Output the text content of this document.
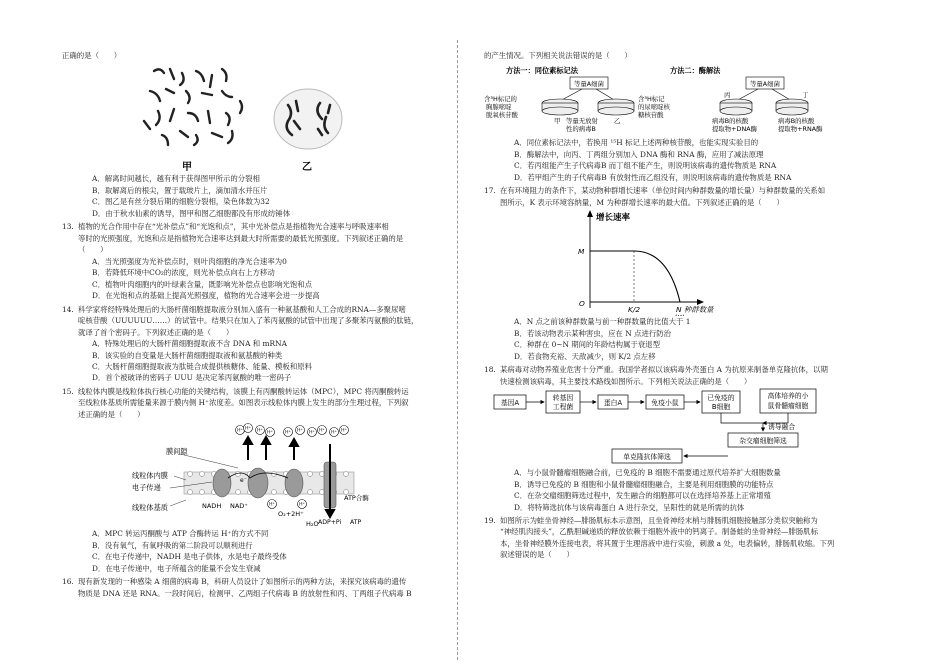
正确的是（　　）

甲	乙

A．解离时间越长，越有利于获得图甲所示的分裂相

B．取解离后的根尖，置于载玻片上，滴加清水并压片

C．图乙是有丝分裂后期的细胞分裂相，染色体数为32

D．由于秋水仙素的诱导，图甲和图乙细胞都没有形成纺锤体

13. 植物的光合作用中存在“光补偿点”和“光饱和点”，其中光补偿点是指植物光合速率与呼吸速率相

等时的光照强度，光饱和点是指植物光合速率达到最大时所需要的最低光照强度。下列叙述正确的是

（　　）

A．当光照强度为光补偿点时，则叶肉细胞的净光合速率为0

B．若降低环境中CO₂的浓度，则光补偿点向右上方移动

C．植物叶肉细胞内的叶绿素含量，既影响光补偿点也影响光饱和点

D．在光饱和点的基础上提高光照强度，植物的光合速率会进一步提高

14. 科学家将经特殊处理后的大肠杆菌细胞提取液分别加入盛有一种氨基酸和人工合成的RNA—多聚尿嘧

啶核苷酸（UUUUUU……）的试管中。结果只在加入了苯丙氨酸的试管中出现了多聚苯丙氨酸的肽链，

就译了首个密码子。下列叙述正确的是（　　）

A．特殊处理后的大肠杆菌细胞提取液不含 DNA 和 mRNA

B．该实验的自变量是大肠杆菌细胞提取液和氨基酸的种类

C．大肠杆菌细胞提取液为肽链合成提供核糖体、能量、模板和原料

D．首个被破译的密码子 UUU 是决定苯丙氨酸的唯一密码子

15. 线粒体内膜是线粒体执行核心功能的关键结构，该膜上有丙酮酸转运体（MPC），MPC 将丙酮酸转运

至线粒体基质所需能量来源于膜内侧 H⁺浓度差。如图表示线粒体内膜上发生的部分生理过程，下列叙

述正确的是（　　）

H⁺ H⁺ H⁺ H⁺	H⁺ H⁺ H⁺ H⁺ H⁺ H⁺
H⁺	H⁺
膜间隙
线粒体内膜
电子传递
线粒体基质
e⁻
NADH NAD⁺
O₂+2H⁺
H₂O
ATP合酶
ADP+Pi ATP

A．MPC 转运丙酮酸与 ATP 合酶转运 H⁺的方式不同

B．没有氧气，有氧呼吸的第二阶段可以顺利进行

C．在电子传递中，NADH 是电子供体，水是电子最终受体

D．在电子传递中，电子所蕴含的能量不会发生衰减

16. 现有新发现的一种感染 A 细菌的病毒 B，科研人员设计了如图所示的两种方法，来探究该病毒的遗传

物质是 DNA 还是 RNA。一段时间后，检测甲、乙两组子代病毒 B 的放射性和丙、丁两组子代病毒 B

的产生情况。下列相关说法错误的是（　　）

方法一：同位素标记法	方法二：酶解法
等量A细菌
甲	乙
含³H标记的
胸腺嘧啶
脱氧核苷酸
等量无放射
性的病毒B
含³H标记
的尿嘧啶核
糖核苷酸
等量A细菌
丙	丁
病毒B的核酸
提取物+DNA酶
病毒B的核酸
提取物+RNA酶

A．同位素标记法中，若换用 ¹⁵H 标记上述两种核苷酸，也能实现实验目的

B．酶解法中，向丙、丁两组分别加入 DNA 酶和 RNA 酶，应用了减法原理

C．若丙组能产生子代病毒B 而丁组不能产生，则说明该病毒的遗传物质是 RNA

D．若甲组产生的子代病毒B 有放射性而乙组没有，则说明该病毒的遗传物质是 RNA

17. 在有环境阻力的条件下，某动物种群增长速率（单位时间内种群数量的增长量）与种群数量的关系如

图所示，K 表示环境容纳量，M 为种群增长速率的最大值。下列叙述正确的是（　　）

增长速率
M
O
K/2	N 种群数量

A．N 点之前该种群数量与前一种群数量的比值大于 1

B．若该动物表示某种害虫，应在 N 点进行防治

C．种群在 0~N 期间的年龄结构属于衰退型

D．若食物充裕、天敌减少，则 K/2 点左移

18. 某病毒对动物养殖业危害十分严重。我国学者拟以该病毒外壳蛋白 A 为抗原来制备单克隆抗体，以期

快速检测该病毒，其主要技术路线如图所示。下列相关说法正确的是（　　）

基因A
转基因
工程菌	蛋白A	免疫小鼠
已免疫的
B细胞
高体培养的小
鼠骨髓瘤细胞
诱导融合
杂交瘤细胞筛选
单克隆抗体筛选

A．与小鼠骨髓瘤细胞融合前，已免疫的 B 细胞不需要通过原代培养扩大细胞数量

B．诱导已免疫的 B 细胞和小鼠骨髓瘤细胞融合，主要是利用细胞膜的功能特点

C．在杂交瘤细胞筛选过程中，发生融合的细胞都可以在选择培养基上正常增殖

D．将特筛选抗体与该病毒蛋白 A 进行杂交，呈阳性的就是所需的抗体

19. 如图所示为蛙坐骨神经—腓肠肌标本示意图，且坐骨神经末梢与腓肠肌细胞接触部分类似突触称为

“神经肌肉接头”，乙酰胆碱递质的释放依赖于细胞外液中的钙离子。制备蛙的坐骨神经—腓肠肌标

本，坐骨神经膜外连接电表，将其置于生理溶液中进行实验，刺激 a 处，电表偏转，腓肠肌收缩。下列

叙述错误的是（　　）
